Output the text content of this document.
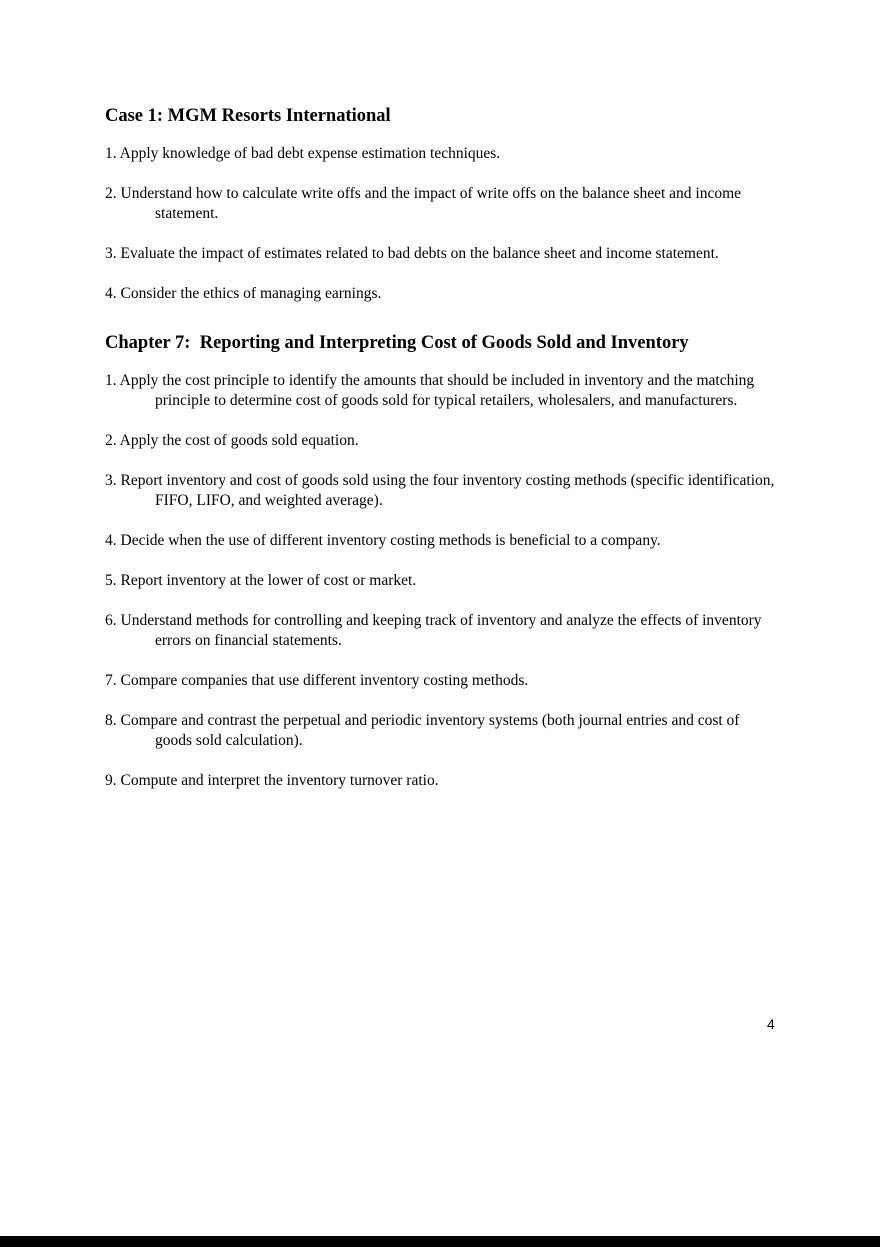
Case 1: MGM Resorts International

1. Apply knowledge of bad debt expense estimation techniques.

2. Understand how to calculate write offs and the impact of write offs on the balance sheet and income statement.

3. Evaluate the impact of estimates related to bad debts on the balance sheet and income statement.

4. Consider the ethics of managing earnings.

Chapter 7:  Reporting and Interpreting Cost of Goods Sold and Inventory

1. Apply the cost principle to identify the amounts that should be included in inventory and the matching principle to determine cost of goods sold for typical retailers, wholesalers, and manufacturers.

2. Apply the cost of goods sold equation.

3. Report inventory and cost of goods sold using the four inventory costing methods (specific identification, FIFO, LIFO, and weighted average).

4. Decide when the use of different inventory costing methods is beneficial to a company.

5. Report inventory at the lower of cost or market.

6. Understand methods for controlling and keeping track of inventory and analyze the effects of inventory errors on financial statements.

7. Compare companies that use different inventory costing methods.

8. Compare and contrast the perpetual and periodic inventory systems (both journal entries and cost of goods sold calculation).

9. Compute and interpret the inventory turnover ratio.

4
